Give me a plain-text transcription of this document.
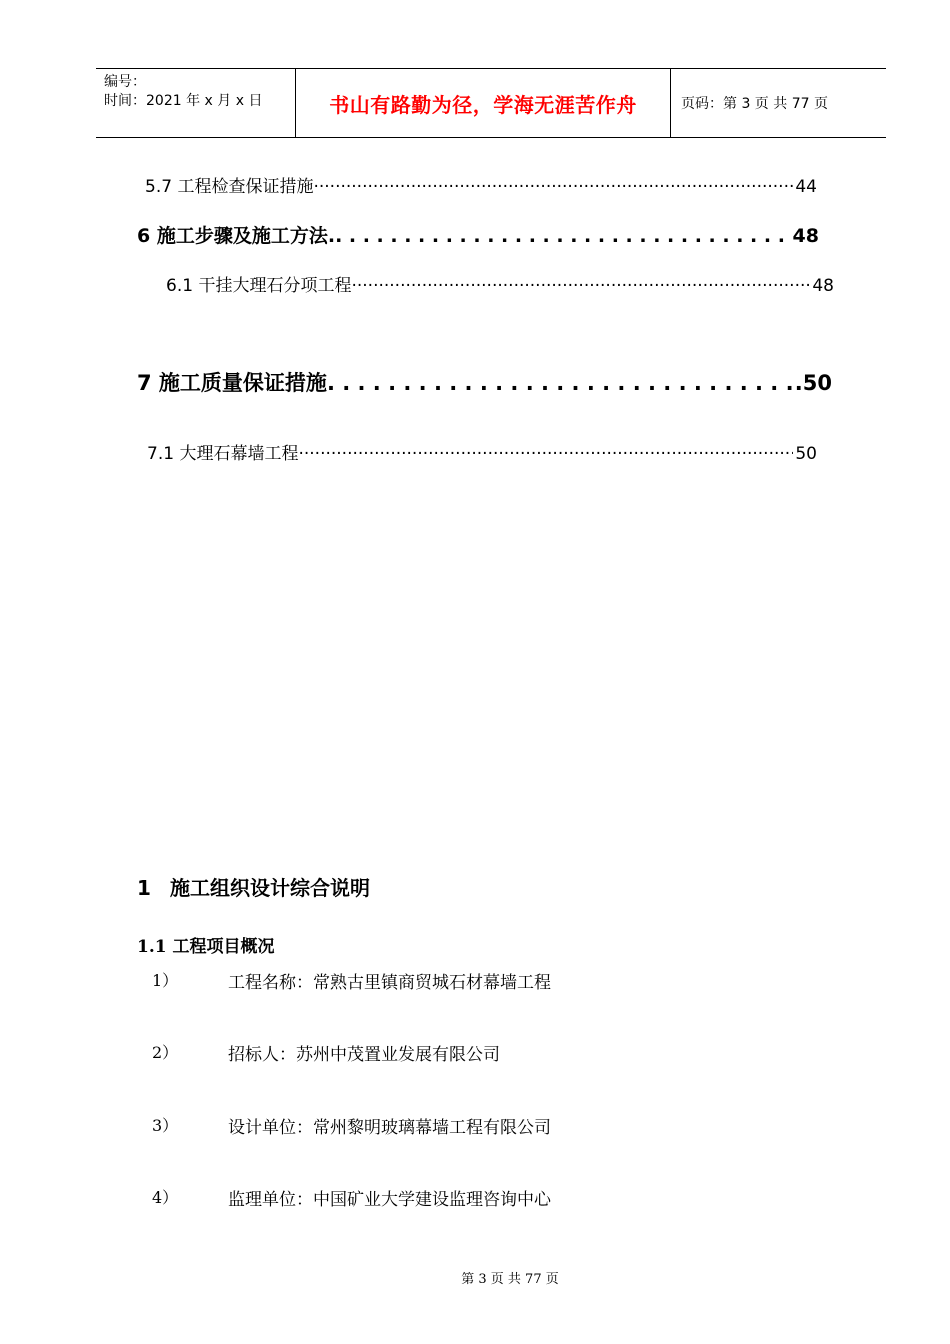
编号：
时间：2021 年 x 月 x 日	书山有路勤为径，学海无涯苦作舟	页码：第 3 页 共 77 页
5.7 工程检查保证措施 ·····	44
6 施工步骤及施工方法. . . .	48
6.1 干挂大理石分项工程 ·····	48
7 施工质量保证措施 . . .	.50
7.1 大理石幕墙工程 ·····	50
1 施工组织设计综合说明
1.1 工程项目概况
1）	工程名称：常熟古里镇商贸城石材幕墙工程
2）	招标人：苏州中茂置业发展有限公司
3）	设计单位：常州黎明玻璃幕墙工程有限公司
4）	监理单位：中国矿业大学建设监理咨询中心
第 3 页 共 77 页
